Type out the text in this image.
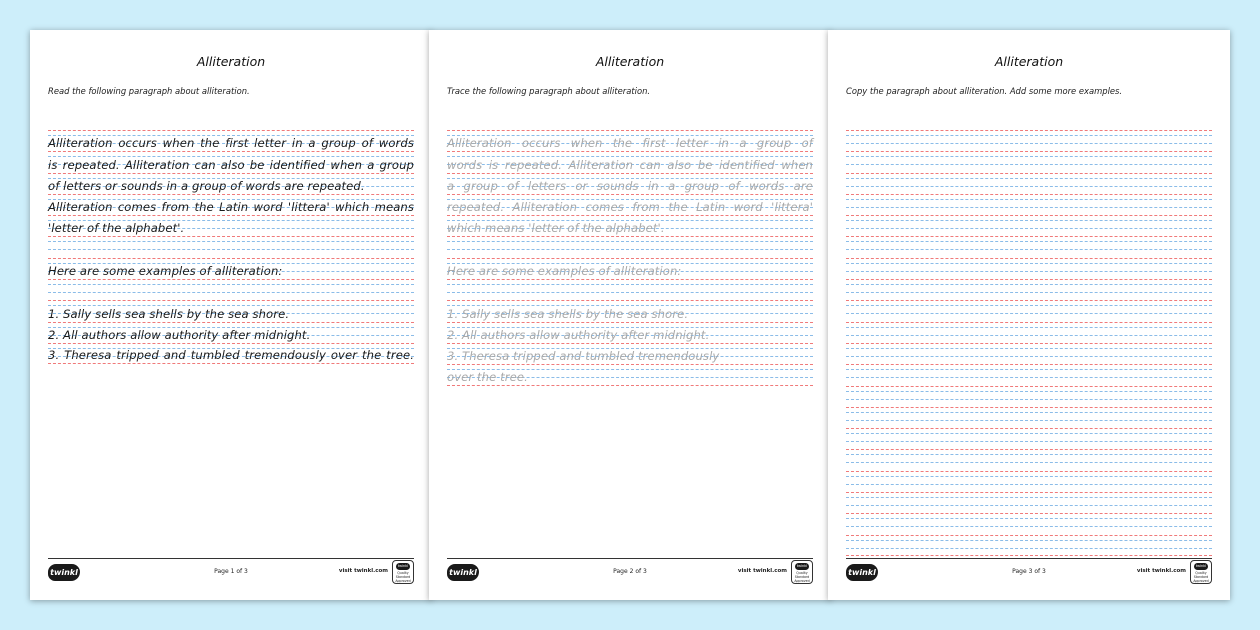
Alliteration
Read the following paragraph about alliteration.
Alliteration occurs when the first letter in a group of words
is repeated. Alliteration can also be identified when a group
of letters or sounds in a group of words are repeated.
Alliteration comes from the Latin word 'littera' which means
'letter of the alphabet'.
Here are some examples of alliteration:
1. Sally sells sea shells by the sea shore.
2. All authors allow authority after midnight.
3. Theresa tripped and tumbled tremendously over the tree.
twinkl	Page 1 of 3	visit twinkl.com
twinkl
Quality Standard Approved
Alliteration
Trace the following paragraph about alliteration.
Alliteration occurs when the first letter in a group of
words is repeated. Alliteration can also be identified when
a group of letters or sounds in a group of words are
repeated. Alliteration comes from the Latin word 'littera'
which means 'letter of the alphabet'.
Here are some examples of alliteration:
1. Sally sells sea shells by the sea shore.
2. All authors allow authority after midnight.
3. Theresa tripped and tumbled tremendously
over the tree.
twinkl	Page 2 of 3	visit twinkl.com
twinkl
Quality Standard Approved
Alliteration
Copy the paragraph about alliteration. Add some more examples.
twinkl	Page 3 of 3	visit twinkl.com
twinkl
Quality Standard Approved
